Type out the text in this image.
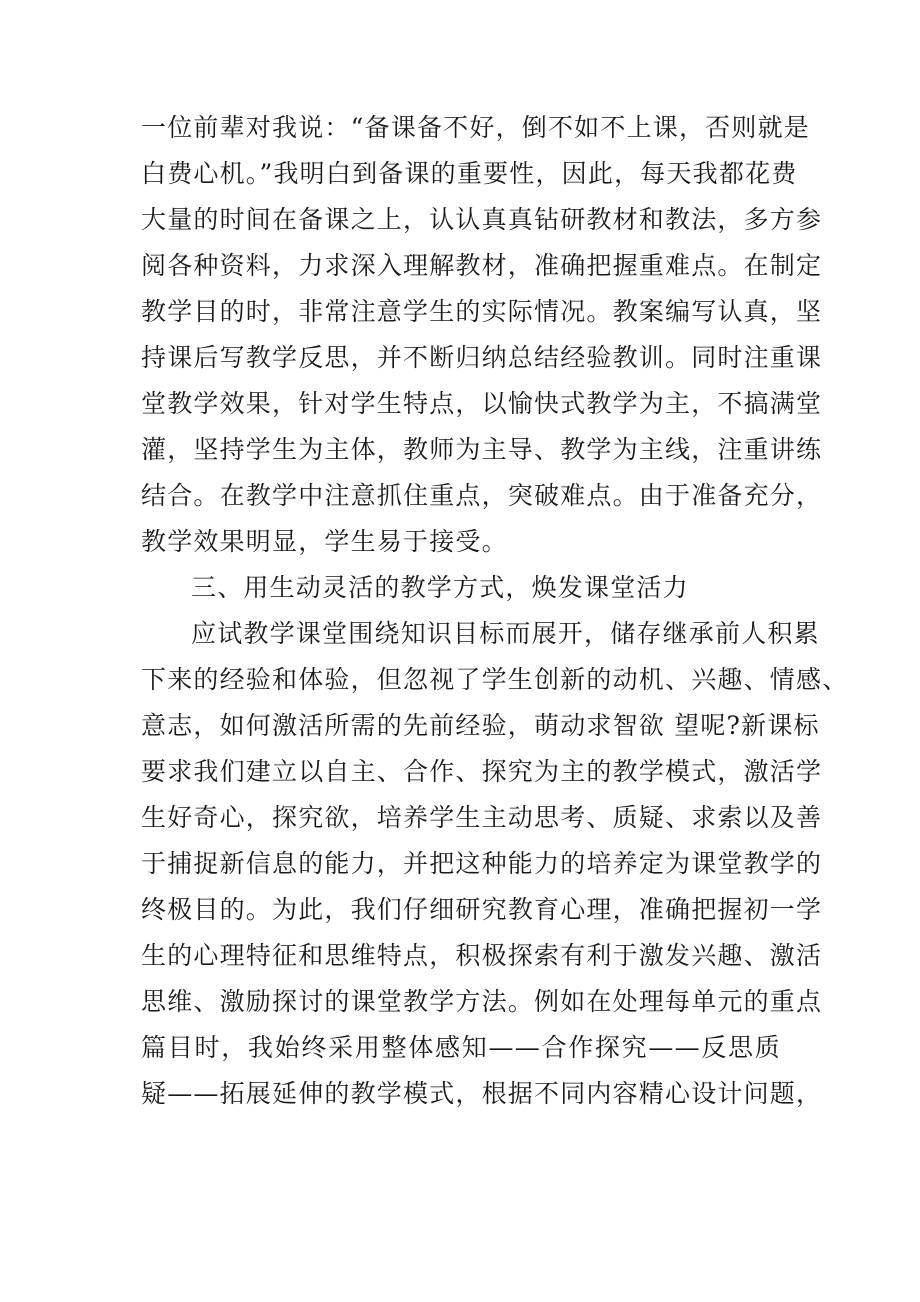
一位前辈对我说：“备课备不好，倒不如不上课，否则就是
白费心机。”我明白到备课的重要性，因此，每天我都花费
大量的时间在备课之上，认认真真钻研教材和教法，多方参
阅各种资料，力求深入理解教材，准确把握重难点。在制定
教学目的时，非常注意学生的实际情况。教案编写认真，坚
持课后写教学反思，并不断归纳总结经验教训。同时注重课
堂教学效果，针对学生特点，以愉快式教学为主，不搞满堂
灌，坚持学生为主体，教师为主导、教学为主线，注重讲练
结合。在教学中注意抓住重点，突破难点。由于准备充分，
教学效果明显，学生易于接受。
三、用生动灵活的教学方式，焕发课堂活力
应试教学课堂围绕知识目标而展开，储存继承前人积累
下来的经验和体验，但忽视了学生创新的动机、兴趣、情感、
意志，如何激活所需的先前经验，萌动求智欲 望呢?新课标
要求我们建立以自主、合作、探究为主的教学模式，激活学
生好奇心，探究欲，培养学生主动思考、质疑、求索以及善
于捕捉新信息的能力，并把这种能力的培养定为课堂教学的
终极目的。为此，我们仔细研究教育心理，准确把握初一学
生的心理特征和思维特点，积极探索有利于激发兴趣、激活
思维、激励探讨的课堂教学方法。例如在处理每单元的重点
篇目时，我始终采用整体感知——合作探究——反思质
疑——拓展延伸的教学模式，根据不同内容精心设计问题，
